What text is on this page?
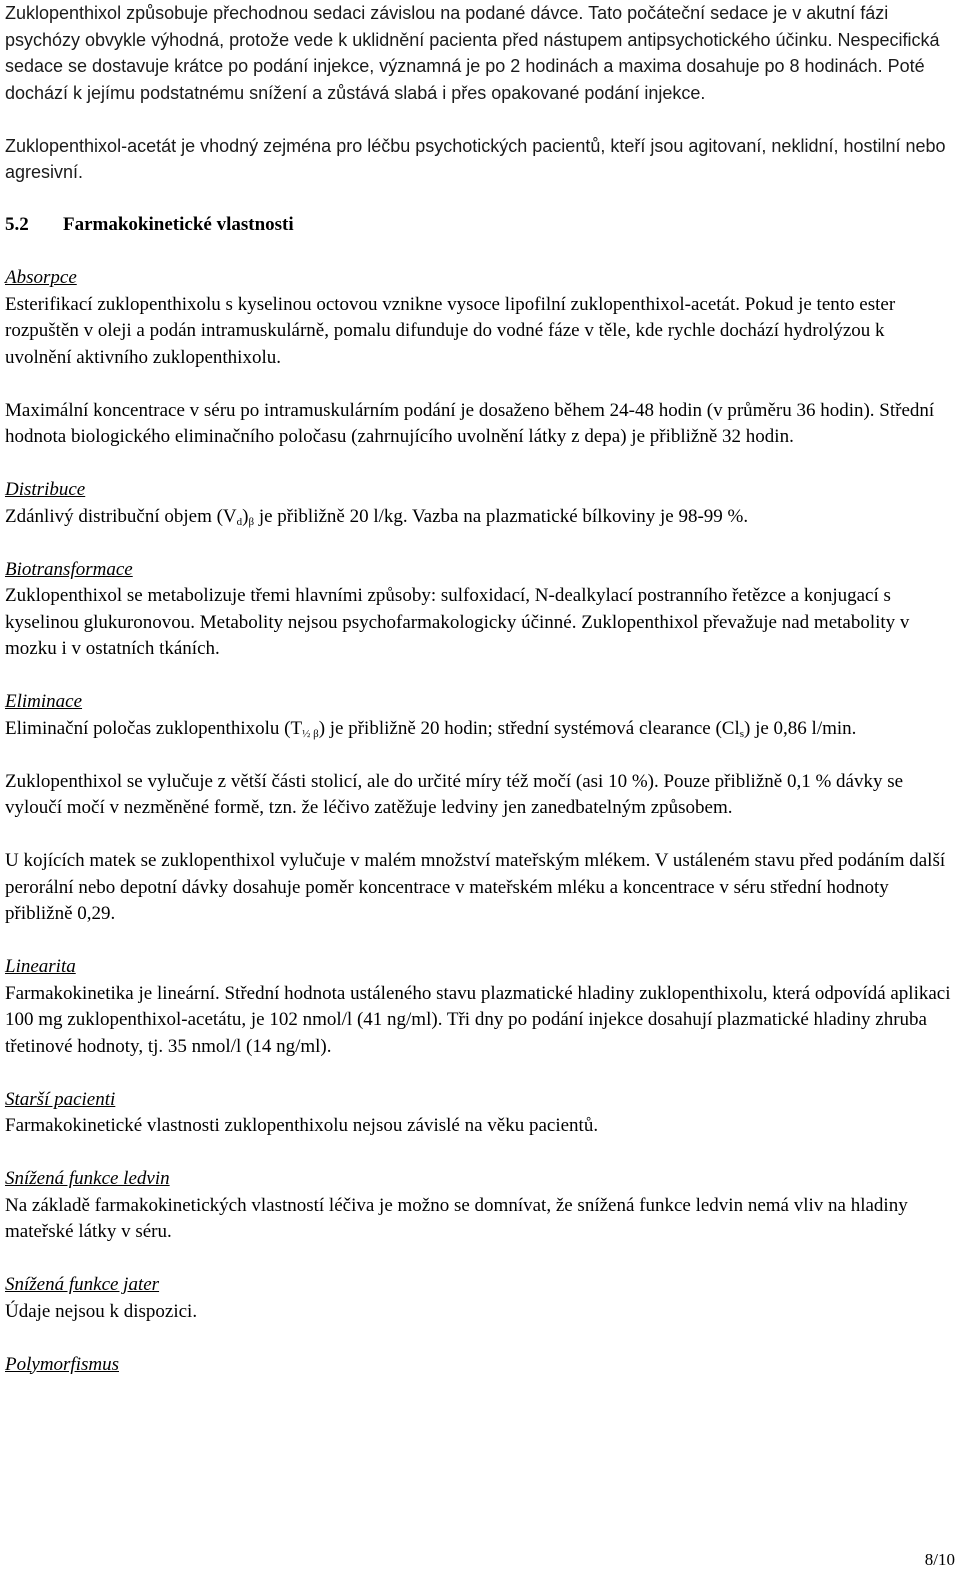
Zuklopenthixol způsobuje přechodnou sedaci závislou na podané dávce. Tato počáteční sedace je v akutní fázi psychózy obvykle výhodná, protože vede k uklidnění pacienta před nástupem antipsychotického účinku. Nespecifická sedace se dostavuje krátce po podání injekce, významná je po 2 hodinách a maxima dosahuje po 8 hodinách. Poté dochází k jejímu podstatnému snížení a zůstává slabá i přes opakované podání injekce.

Zuklopenthixol-acetát je vhodný zejména pro léčbu psychotických pacientů, kteří jsou agitovaní, neklidní, hostilní nebo agresivní.

5.2 Farmakokinetické vlastnosti
Absorpce

Esterifikací zuklopenthixolu s kyselinou octovou vznikne vysoce lipofilní zuklopenthixol-acetát. Pokud je tento ester rozpuštěn v oleji a podán intramuskulárně, pomalu difunduje do vodné fáze v těle, kde rychle dochází hydrolýzou k uvolnění aktivního zuklopenthixolu.

Maximální koncentrace v séru po intramuskulárním podání je dosaženo během 24-48 hodin (v průměru 36 hodin). Střední hodnota biologického eliminačního poločasu (zahrnujícího uvolnění látky z depa) je přibližně 32 hodin.

Distribuce

Zdánlivý distribuční objem $(V_d)_\beta$ je přibližně 20 l/kg. Vazba na plazmatické bílkoviny je 98-99 %.

Biotransformace

Zuklopenthixol se metabolizuje třemi hlavními způsoby: sulfoxidací, N-dealkylací postranního řetězce a konjugací s kyselinou glukuronovou. Metabolity nejsou psychofarmakologicky účinné. Zuklopenthixol převažuje nad metabolity v mozku i v ostatních tkáních.

Eliminace

Eliminační poločas zuklopenthixolu $(T_{\frac{1}{2} \beta})$ je přibližně 20 hodin; střední systémová clearance $(Cl_s)$ je 0,86 l/min.

Zuklopenthixol se vylučuje z větší části stolicí, ale do určité míry též močí (asi 10 %). Pouze přibližně 0,1 % dávky se vyloučí močí v nezměněné formě, tzn. že léčivo zatěžuje ledviny jen zanedbatelným způsobem.

U kojících matek se zuklopenthixol vylučuje v malém množství mateřským mlékem. V ustáleném stavu před podáním další perorální nebo depotní dávky dosahuje poměr koncentrace v mateřském mléku a koncentrace v séru střední hodnoty přibližně 0,29.

Linearita

Farmakokinetika je lineární. Střední hodnota ustáleného stavu plazmatické hladiny zuklopenthixolu, která odpovídá aplikaci 100 mg zuklopenthixol-acetátu, je 102 nmol/l (41 ng/ml). Tři dny po podání injekce dosahují plazmatické hladiny zhruba třetinové hodnoty, tj. 35 nmol/l (14 ng/ml).

Starší pacienti

Farmakokinetické vlastnosti zuklopenthixolu nejsou závislé na věku pacientů.

Snížená funkce ledvin

Na základě farmakokinetických vlastností léčiva je možno se domnívat, že snížená funkce ledvin nemá vliv na hladiny mateřské látky v séru.

Snížená funkce jater

Údaje nejsou k dispozici.

Polymorfismus
8/10
